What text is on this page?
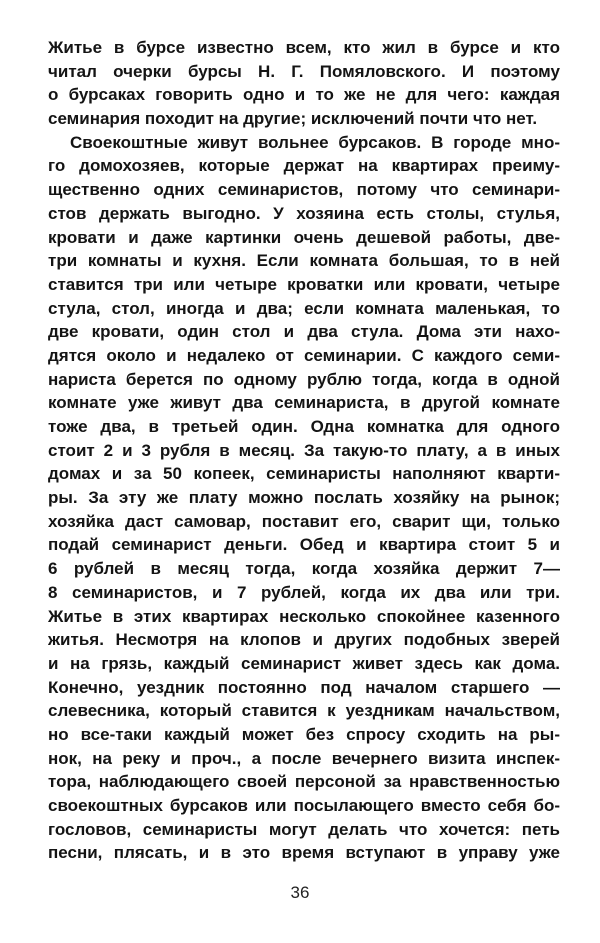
Житье в бурсе известно всем, кто жил в бурсе и кто
читал очерки бурсы Н. Г. Помяловского. И поэтому
о бурсаках говорить одно и то же не для чего: каждая
семинария походит на другие; исключений почти что нет.
Своекоштные живут вольнее бурсаков. В городе мно-
го домохозяев, которые держат на квартирах преиму-
щественно одних семинаристов, потому что семинари-
стов держать выгодно. У хозяина есть столы, стулья,
кровати и даже картинки очень дешевой работы, две-
три комнаты и кухня. Если комната большая, то в ней
ставится три или четыре кроватки или кровати, четыре
стула, стол, иногда и два; если комната маленькая, то
две кровати, один стол и два стула. Дома эти нахо-
дятся около и недалеко от семинарии. С каждого семи-
нариста берется по одному рублю тогда, когда в одной
комнате уже живут два семинариста, в другой комнате
тоже два, в третьей один. Одна комнатка для одного
стоит 2 и 3 рубля в месяц. За такую-то плату, а в иных
домах и за 50 копеек, семинаристы наполняют кварти-
ры. За эту же плату можно послать хозяйку на рынок;
хозяйка даст самовар, поставит его, сварит щи, только
подай семинарист деньги. Обед и квартира стоит 5 и
6 рублей в месяц тогда, когда хозяйка держит 7—
8 семинаристов, и 7 рублей, когда их два или три.
Житье в этих квартирах несколько спокойнее казенного
житья. Несмотря на клопов и других подобных зверей
и на грязь, каждый семинарист живет здесь как дома.
Конечно, уездник постоянно под началом старшего —
слевесника, который ставится к уездникам начальством,
но все-таки каждый может без спросу сходить на ры-
нок, на реку и проч., а после вечернего визита инспек-
тора, наблюдающего своей персоной за нравственностью
своекоштных бурсаков или посылающего вместо себя бо-
гословов, семинаристы могут делать что хочется: петь
песни, плясать, и в это время вступают в управу уже
36
